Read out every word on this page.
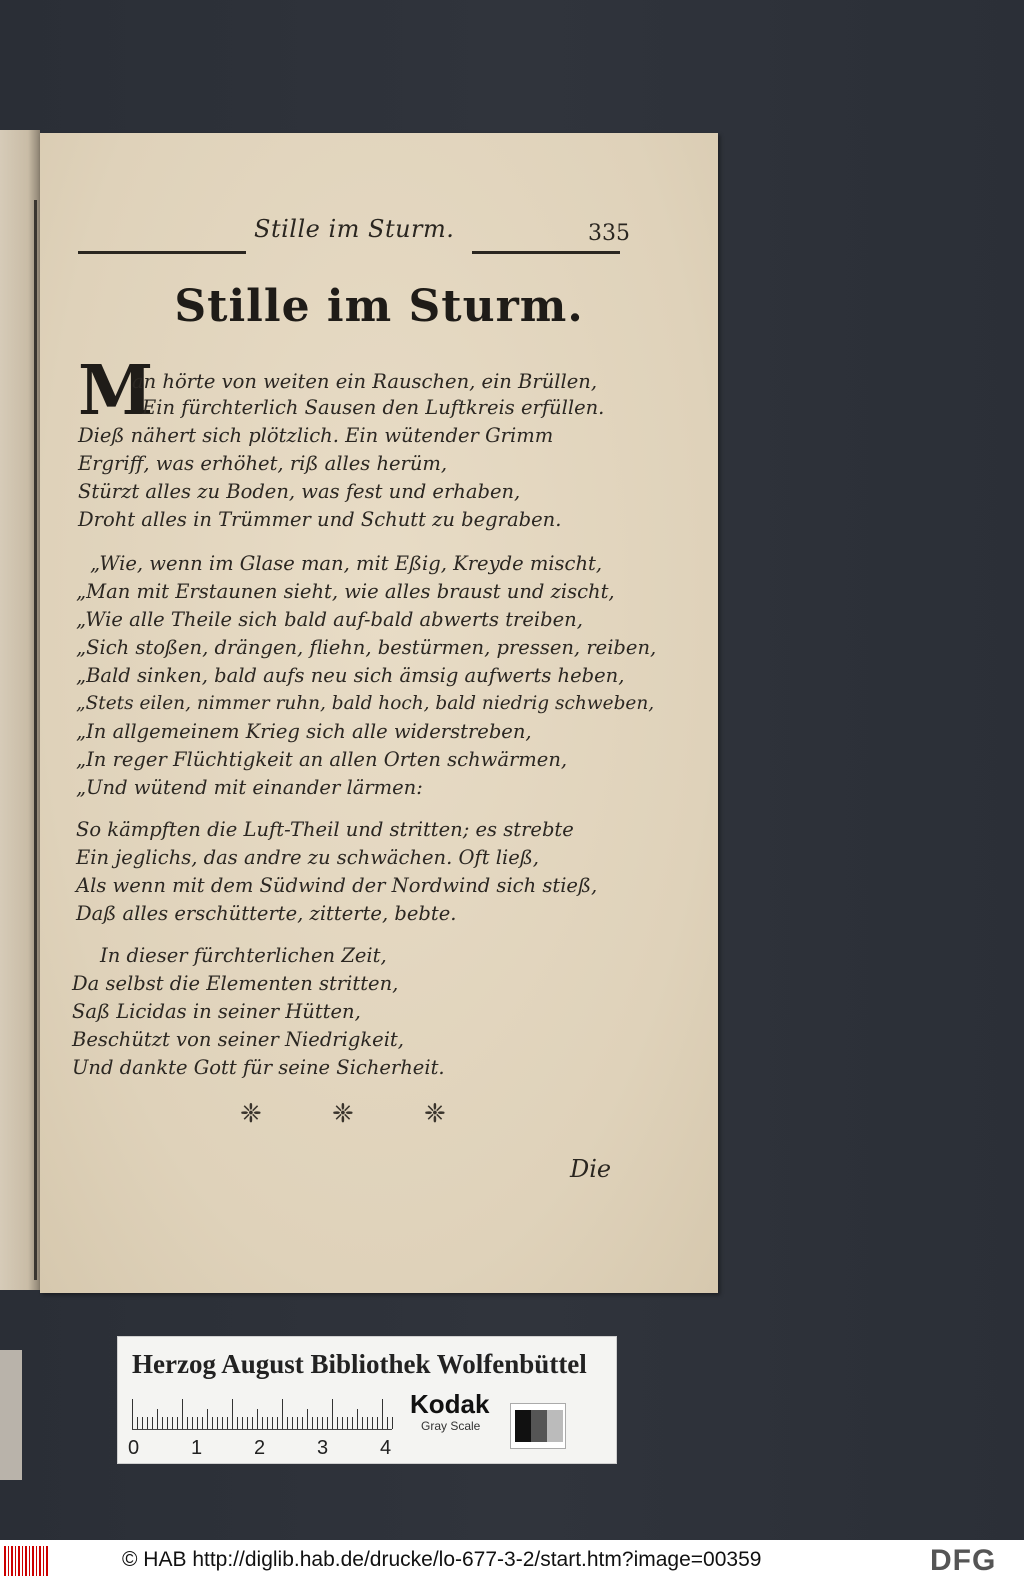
Stille im Sturm.	335
Stille im Sturm.
M
an hörte von weiten ein Rauschen, ein Brüllen,
Ein fürchterlich Sausen den Luftkreis erfüllen.
Dieß nähert sich plötzlich. Ein wütender Grimm
Ergriff, was erhöhet, riß alles herüm,
Stürzt alles zu Boden, was fest und erhaben,
Droht alles in Trümmer und Schutt zu begraben.
„Wie, wenn im Glase man, mit Eßig, Kreyde mischt,
„Man mit Erstaunen sieht, wie alles braust und zischt,
„Wie alle Theile sich bald auf-bald abwerts treiben,
„Sich stoßen, drängen, fliehn, bestürmen, pressen, reiben,
„Bald sinken, bald aufs neu sich ämsig aufwerts heben,
„Stets eilen, nimmer ruhn, bald hoch, bald niedrig schweben,
„In allgemeinem Krieg sich alle widerstreben,
„In reger Flüchtigkeit an allen Orten schwärmen,
„Und wütend mit einander lärmen:
So kämpften die Luft-Theil und stritten; es strebte
Ein jeglichs, das andre zu schwächen. Oft ließ,
Als wenn mit dem Südwind der Nordwind sich stieß,
Daß alles erschütterte, zitterte, bebte.
In dieser fürchterlichen Zeit,
Da selbst die Elementen stritten,
Saß Licidas in seiner Hütten,
Beschützt von seiner Niedrigkeit,
Und dankte Gott für seine Sicherheit.
❈	❈	❈
Die
Herzog August Bibliothek Wolfenbüttel
0	1	2	3	4
Kodak
Gray Scale
© HAB http://diglib.hab.de/drucke/lo-677-3-2/start.htm?image=00359	DFG
